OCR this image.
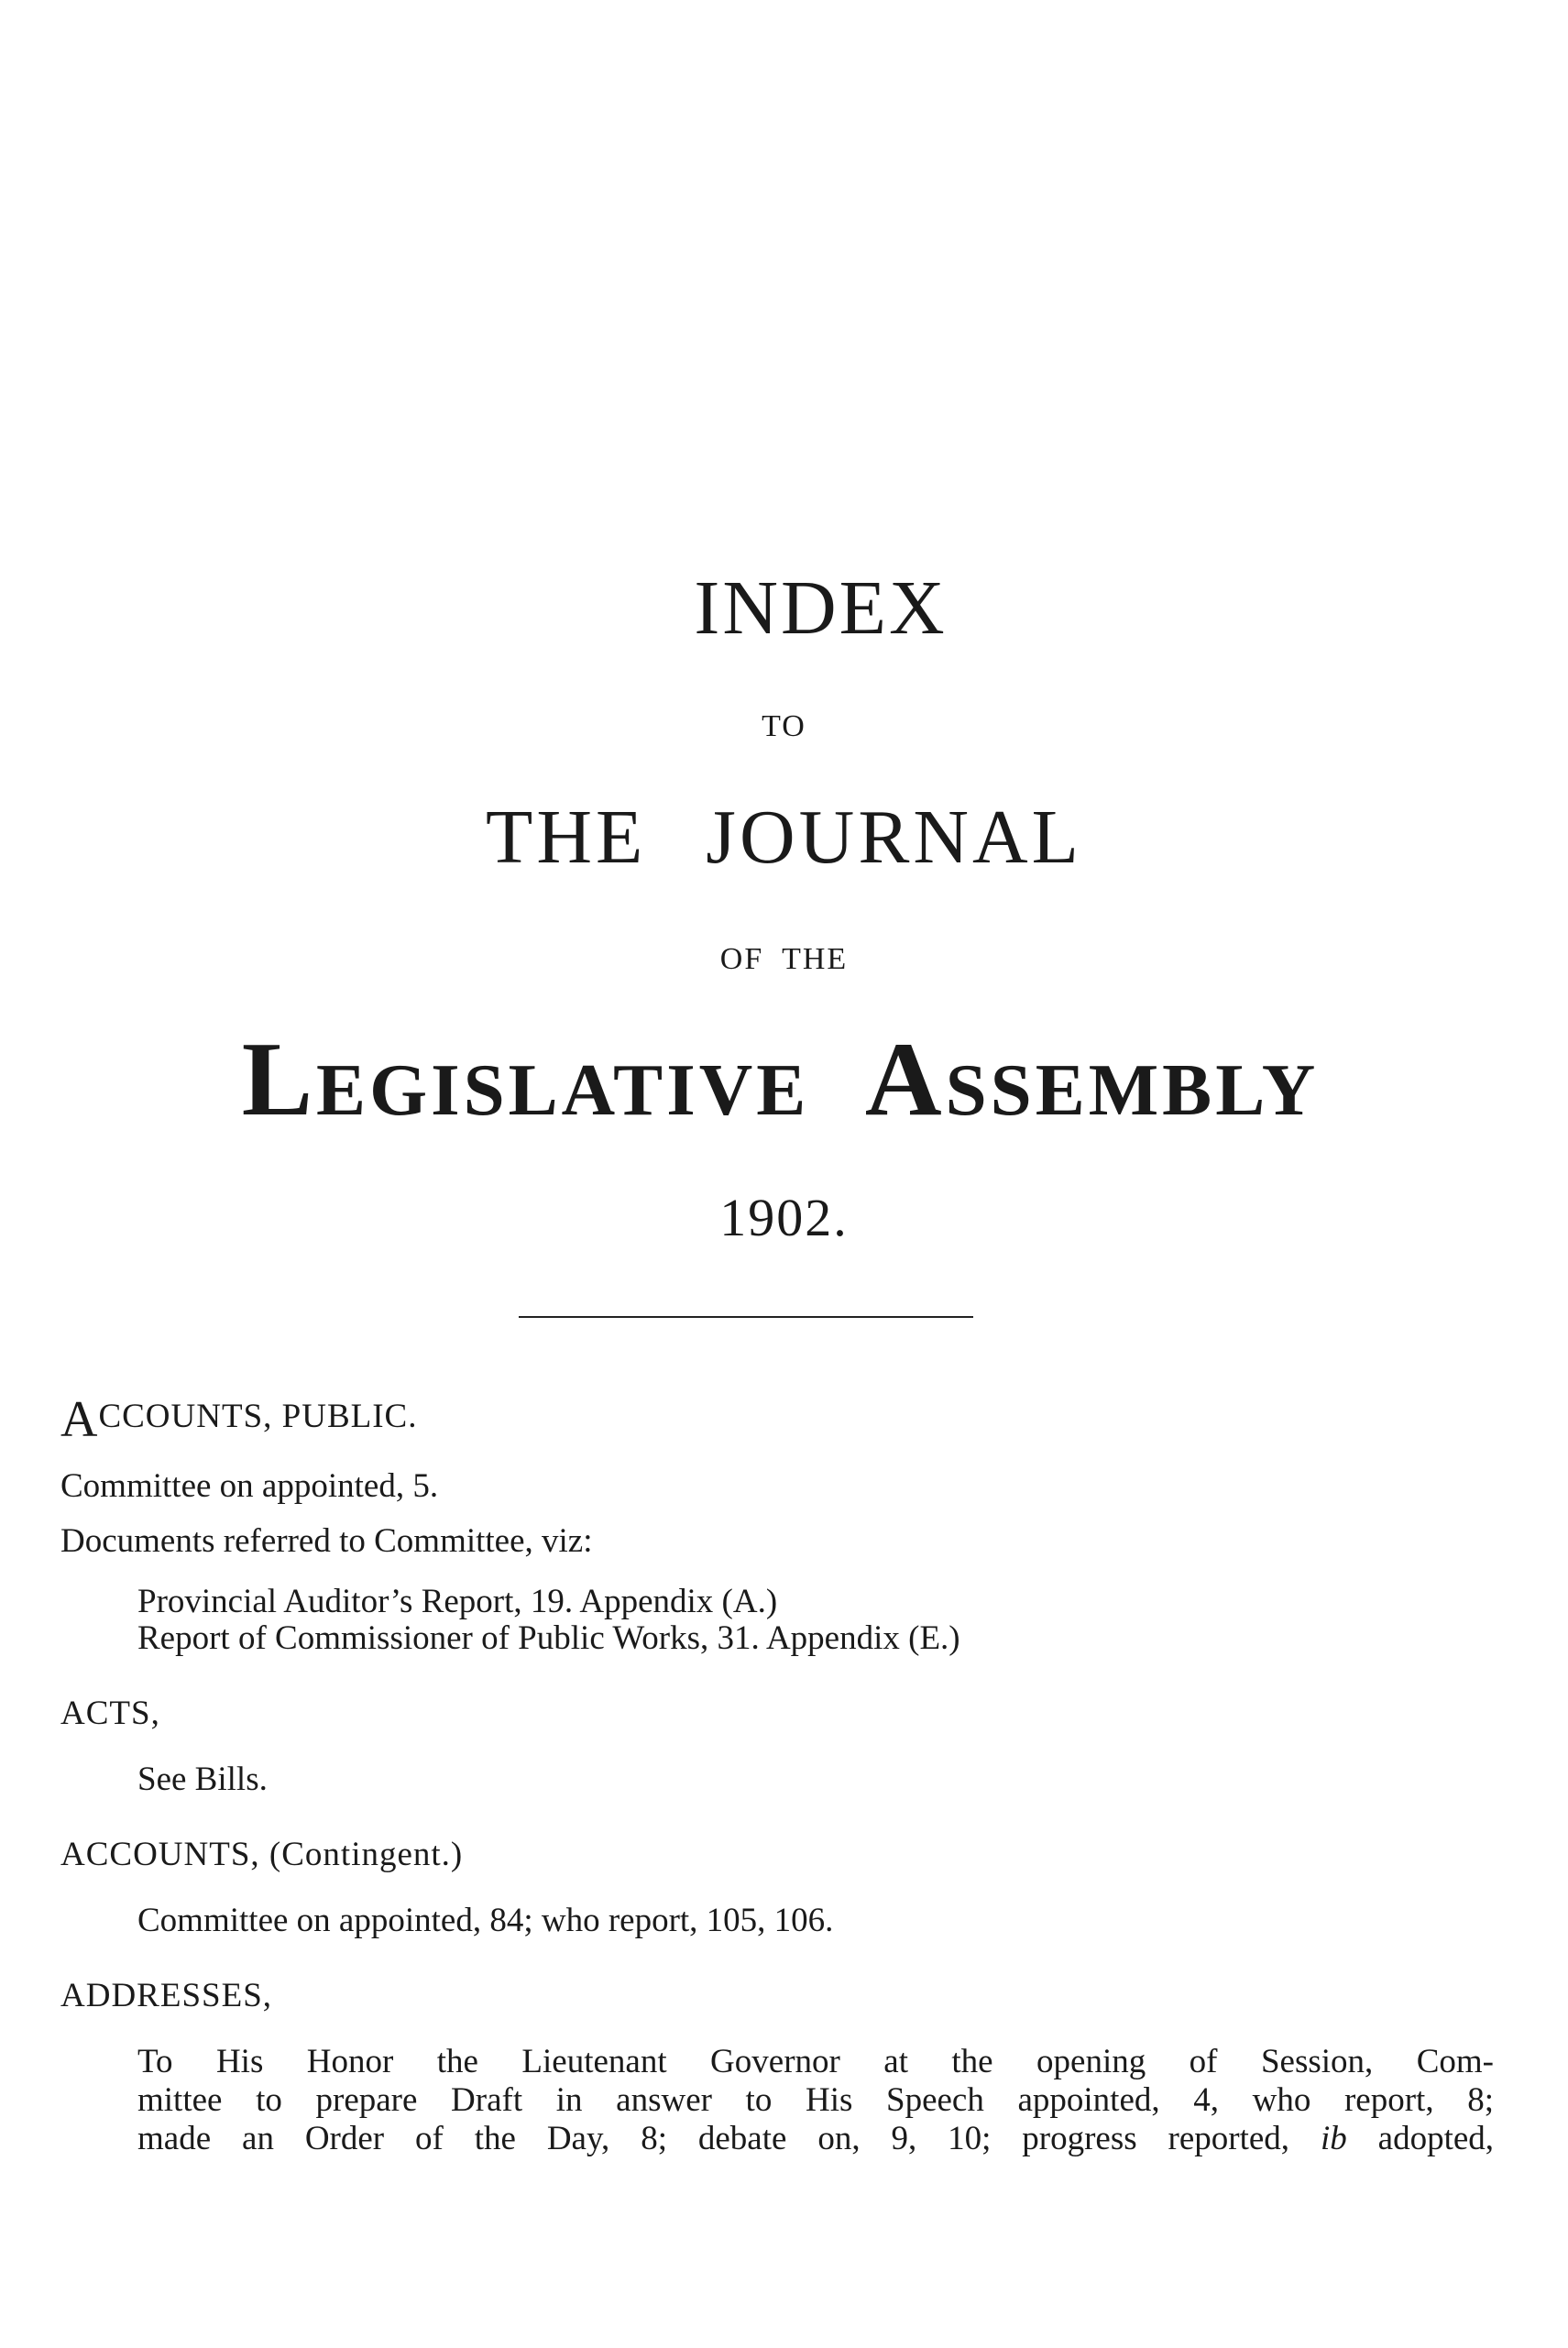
INDEX
TO
THE JOURNAL
OF THE
Legislative Assembly
1902.
ACCOUNTS, PUBLIC.
Committee on appointed, 5.
Documents referred to Committee, viz:
Provincial Auditor’s Report, 19. Appendix (A.)
Report of Commissioner of Public Works, 31. Appendix (E.)
ACTS,
See Bills.
ACCOUNTS, (Contingent.)
Committee on appointed, 84; who report, 105, 106.
ADDRESSES,
To His Honor the Lieutenant Governor at the opening of Session, Com-
mittee to prepare Draft in answer to His Speech appointed, 4, who report, 8;
made an Order of the Day, 8; debate on, 9, 10; progress reported, ib adopted,
